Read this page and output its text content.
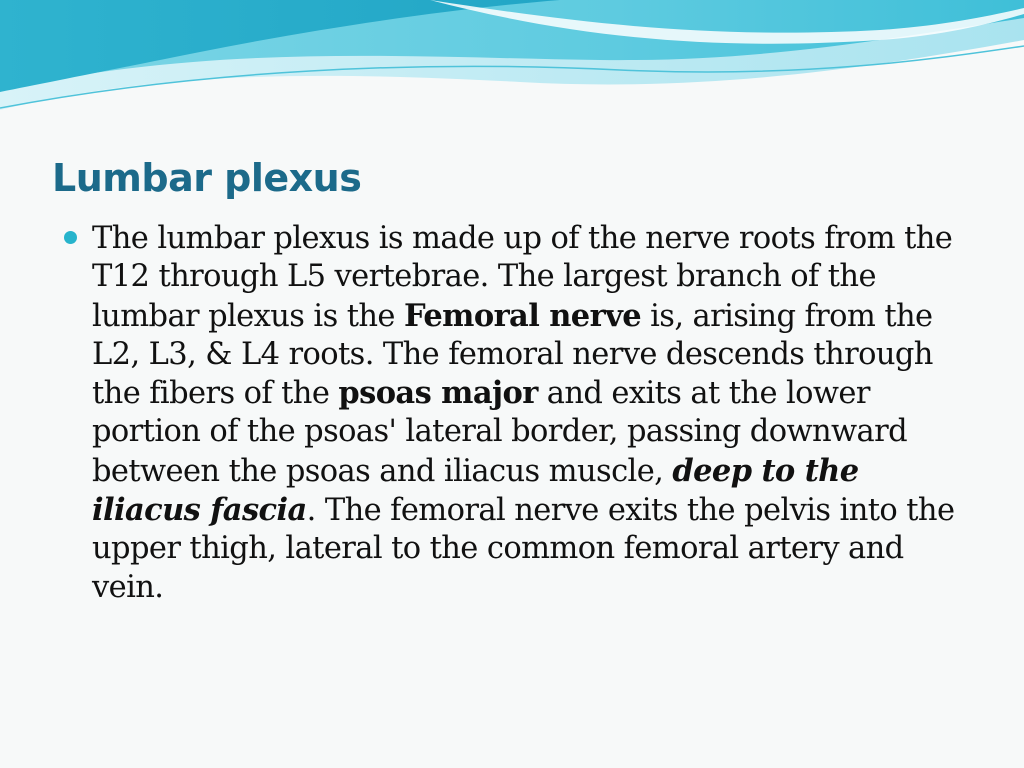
Lumbar plexus

The lumbar plexus is made up of the nerve roots from the T12 through L5 vertebrae. The largest branch of the lumbar plexus is the Femoral nerve is, arising from the L2, L3, & L4 roots. The femoral nerve descends through the fibers of the psoas major and exits at the lower portion of the psoas' lateral border, passing downward between the psoas and iliacus muscle, deep to the iliacus fascia. The femoral nerve exits the pelvis into the upper thigh, lateral to the common femoral artery and vein.
